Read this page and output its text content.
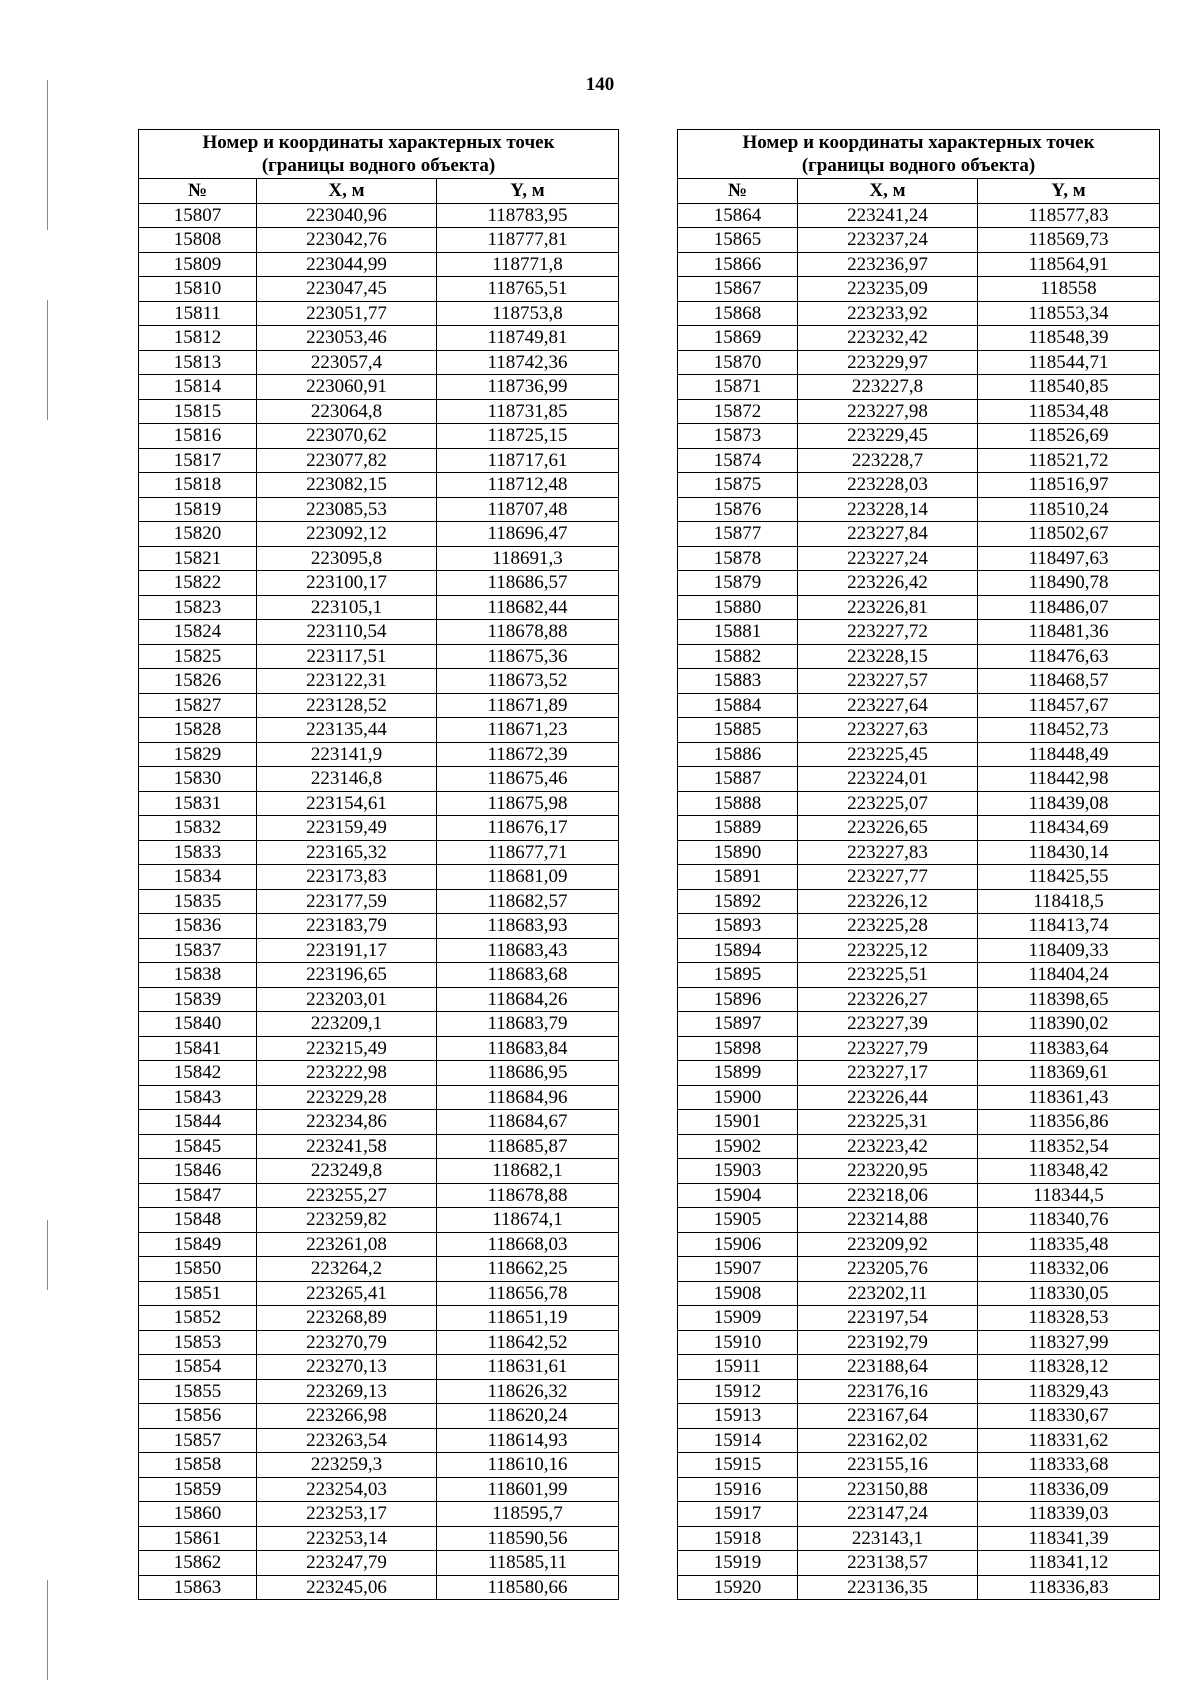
140
Номер и координаты характерных точек
(границы водного объекта)		

№	X, м	Y, м
15807	223040,96	118783,95
15808	223042,76	118777,81
15809	223044,99	118771,8
15810	223047,45	118765,51
15811	223051,77	118753,8
15812	223053,46	118749,81
15813	223057,4	118742,36
15814	223060,91	118736,99
15815	223064,8	118731,85
15816	223070,62	118725,15
15817	223077,82	118717,61
15818	223082,15	118712,48
15819	223085,53	118707,48
15820	223092,12	118696,47
15821	223095,8	118691,3
15822	223100,17	118686,57
15823	223105,1	118682,44
15824	223110,54	118678,88
15825	223117,51	118675,36
15826	223122,31	118673,52
15827	223128,52	118671,89
15828	223135,44	118671,23
15829	223141,9	118672,39
15830	223146,8	118675,46
15831	223154,61	118675,98
15832	223159,49	118676,17
15833	223165,32	118677,71
15834	223173,83	118681,09
15835	223177,59	118682,57
15836	223183,79	118683,93
15837	223191,17	118683,43
15838	223196,65	118683,68
15839	223203,01	118684,26
15840	223209,1	118683,79
15841	223215,49	118683,84
15842	223222,98	118686,95
15843	223229,28	118684,96
15844	223234,86	118684,67
15845	223241,58	118685,87
15846	223249,8	118682,1
15847	223255,27	118678,88
15848	223259,82	118674,1
15849	223261,08	118668,03
15850	223264,2	118662,25
15851	223265,41	118656,78
15852	223268,89	118651,19
15853	223270,79	118642,52
15854	223270,13	118631,61
15855	223269,13	118626,32
15856	223266,98	118620,24
15857	223263,54	118614,93
15858	223259,3	118610,16
15859	223254,03	118601,99
15860	223253,17	118595,7
15861	223253,14	118590,56
15862	223247,79	118585,11
15863	223245,06	118580,66
Номер и координаты характерных точек
(границы водного объекта)		

№	X, м	Y, м
15864	223241,24	118577,83
15865	223237,24	118569,73
15866	223236,97	118564,91
15867	223235,09	118558
15868	223233,92	118553,34
15869	223232,42	118548,39
15870	223229,97	118544,71
15871	223227,8	118540,85
15872	223227,98	118534,48
15873	223229,45	118526,69
15874	223228,7	118521,72
15875	223228,03	118516,97
15876	223228,14	118510,24
15877	223227,84	118502,67
15878	223227,24	118497,63
15879	223226,42	118490,78
15880	223226,81	118486,07
15881	223227,72	118481,36
15882	223228,15	118476,63
15883	223227,57	118468,57
15884	223227,64	118457,67
15885	223227,63	118452,73
15886	223225,45	118448,49
15887	223224,01	118442,98
15888	223225,07	118439,08
15889	223226,65	118434,69
15890	223227,83	118430,14
15891	223227,77	118425,55
15892	223226,12	118418,5
15893	223225,28	118413,74
15894	223225,12	118409,33
15895	223225,51	118404,24
15896	223226,27	118398,65
15897	223227,39	118390,02
15898	223227,79	118383,64
15899	223227,17	118369,61
15900	223226,44	118361,43
15901	223225,31	118356,86
15902	223223,42	118352,54
15903	223220,95	118348,42
15904	223218,06	118344,5
15905	223214,88	118340,76
15906	223209,92	118335,48
15907	223205,76	118332,06
15908	223202,11	118330,05
15909	223197,54	118328,53
15910	223192,79	118327,99
15911	223188,64	118328,12
15912	223176,16	118329,43
15913	223167,64	118330,67
15914	223162,02	118331,62
15915	223155,16	118333,68
15916	223150,88	118336,09
15917	223147,24	118339,03
15918	223143,1	118341,39
15919	223138,57	118341,12
15920	223136,35	118336,83
